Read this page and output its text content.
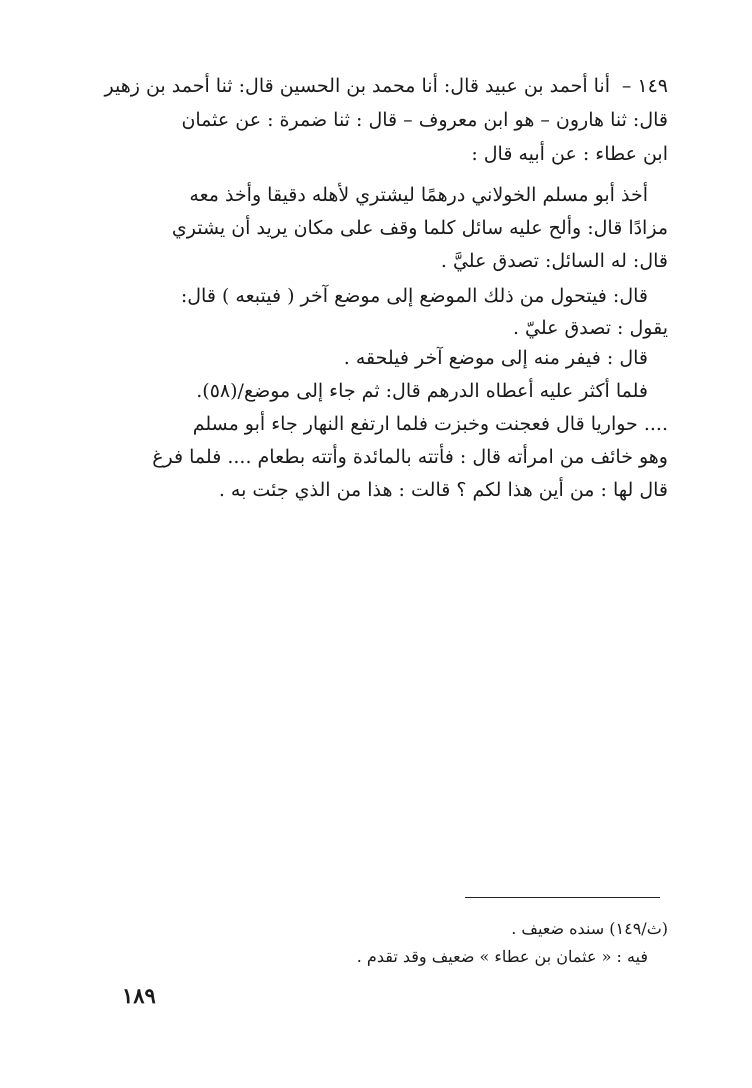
١٤٩ –
أنا أحمد بن عبيد قال: أنا محمد بن الحسين قال: ثنا أحمد بن زهير
قال: ثنا هارون – هو ابن معروف – قال : ثنا ضمرة : عن عثمان
ابن عطاء : عن أبيه قال :
أخذ أبو مسلم الخولاني درهمًا ليشتري لأهله دقيقا وأخذ معه
مزادًا قال: وألح عليه سائل كلما وقف على مكان يريد أن يشتري
قال: له السائل: تصدق عليَّ .
قال: فيتحول من ذلك الموضع إلى موضع آخر ( فيتبعه ) قال:
يقول : تصدق عليّ .
قال : فيفر منه إلى موضع آخر فيلحقه .
فلما أكثر عليه أعطاه الدرهم قال: ثم جاء إلى موضع/(٥٨).
.... حواريا قال فعجنت وخبزت فلما ارتفع النهار جاء أبو مسلم
وهو خائف من امرأته قال : فأتته بالمائدة وأتته بطعام .... فلما فرغ
قال لها : من أين هذا لكم ؟ قالت : هذا من الذي جئت به .
(ث/١٤٩) سنده ضعيف .
فيه : « عثمان بن عطاء » ضعيف وقد تقدم .
١٨٩
